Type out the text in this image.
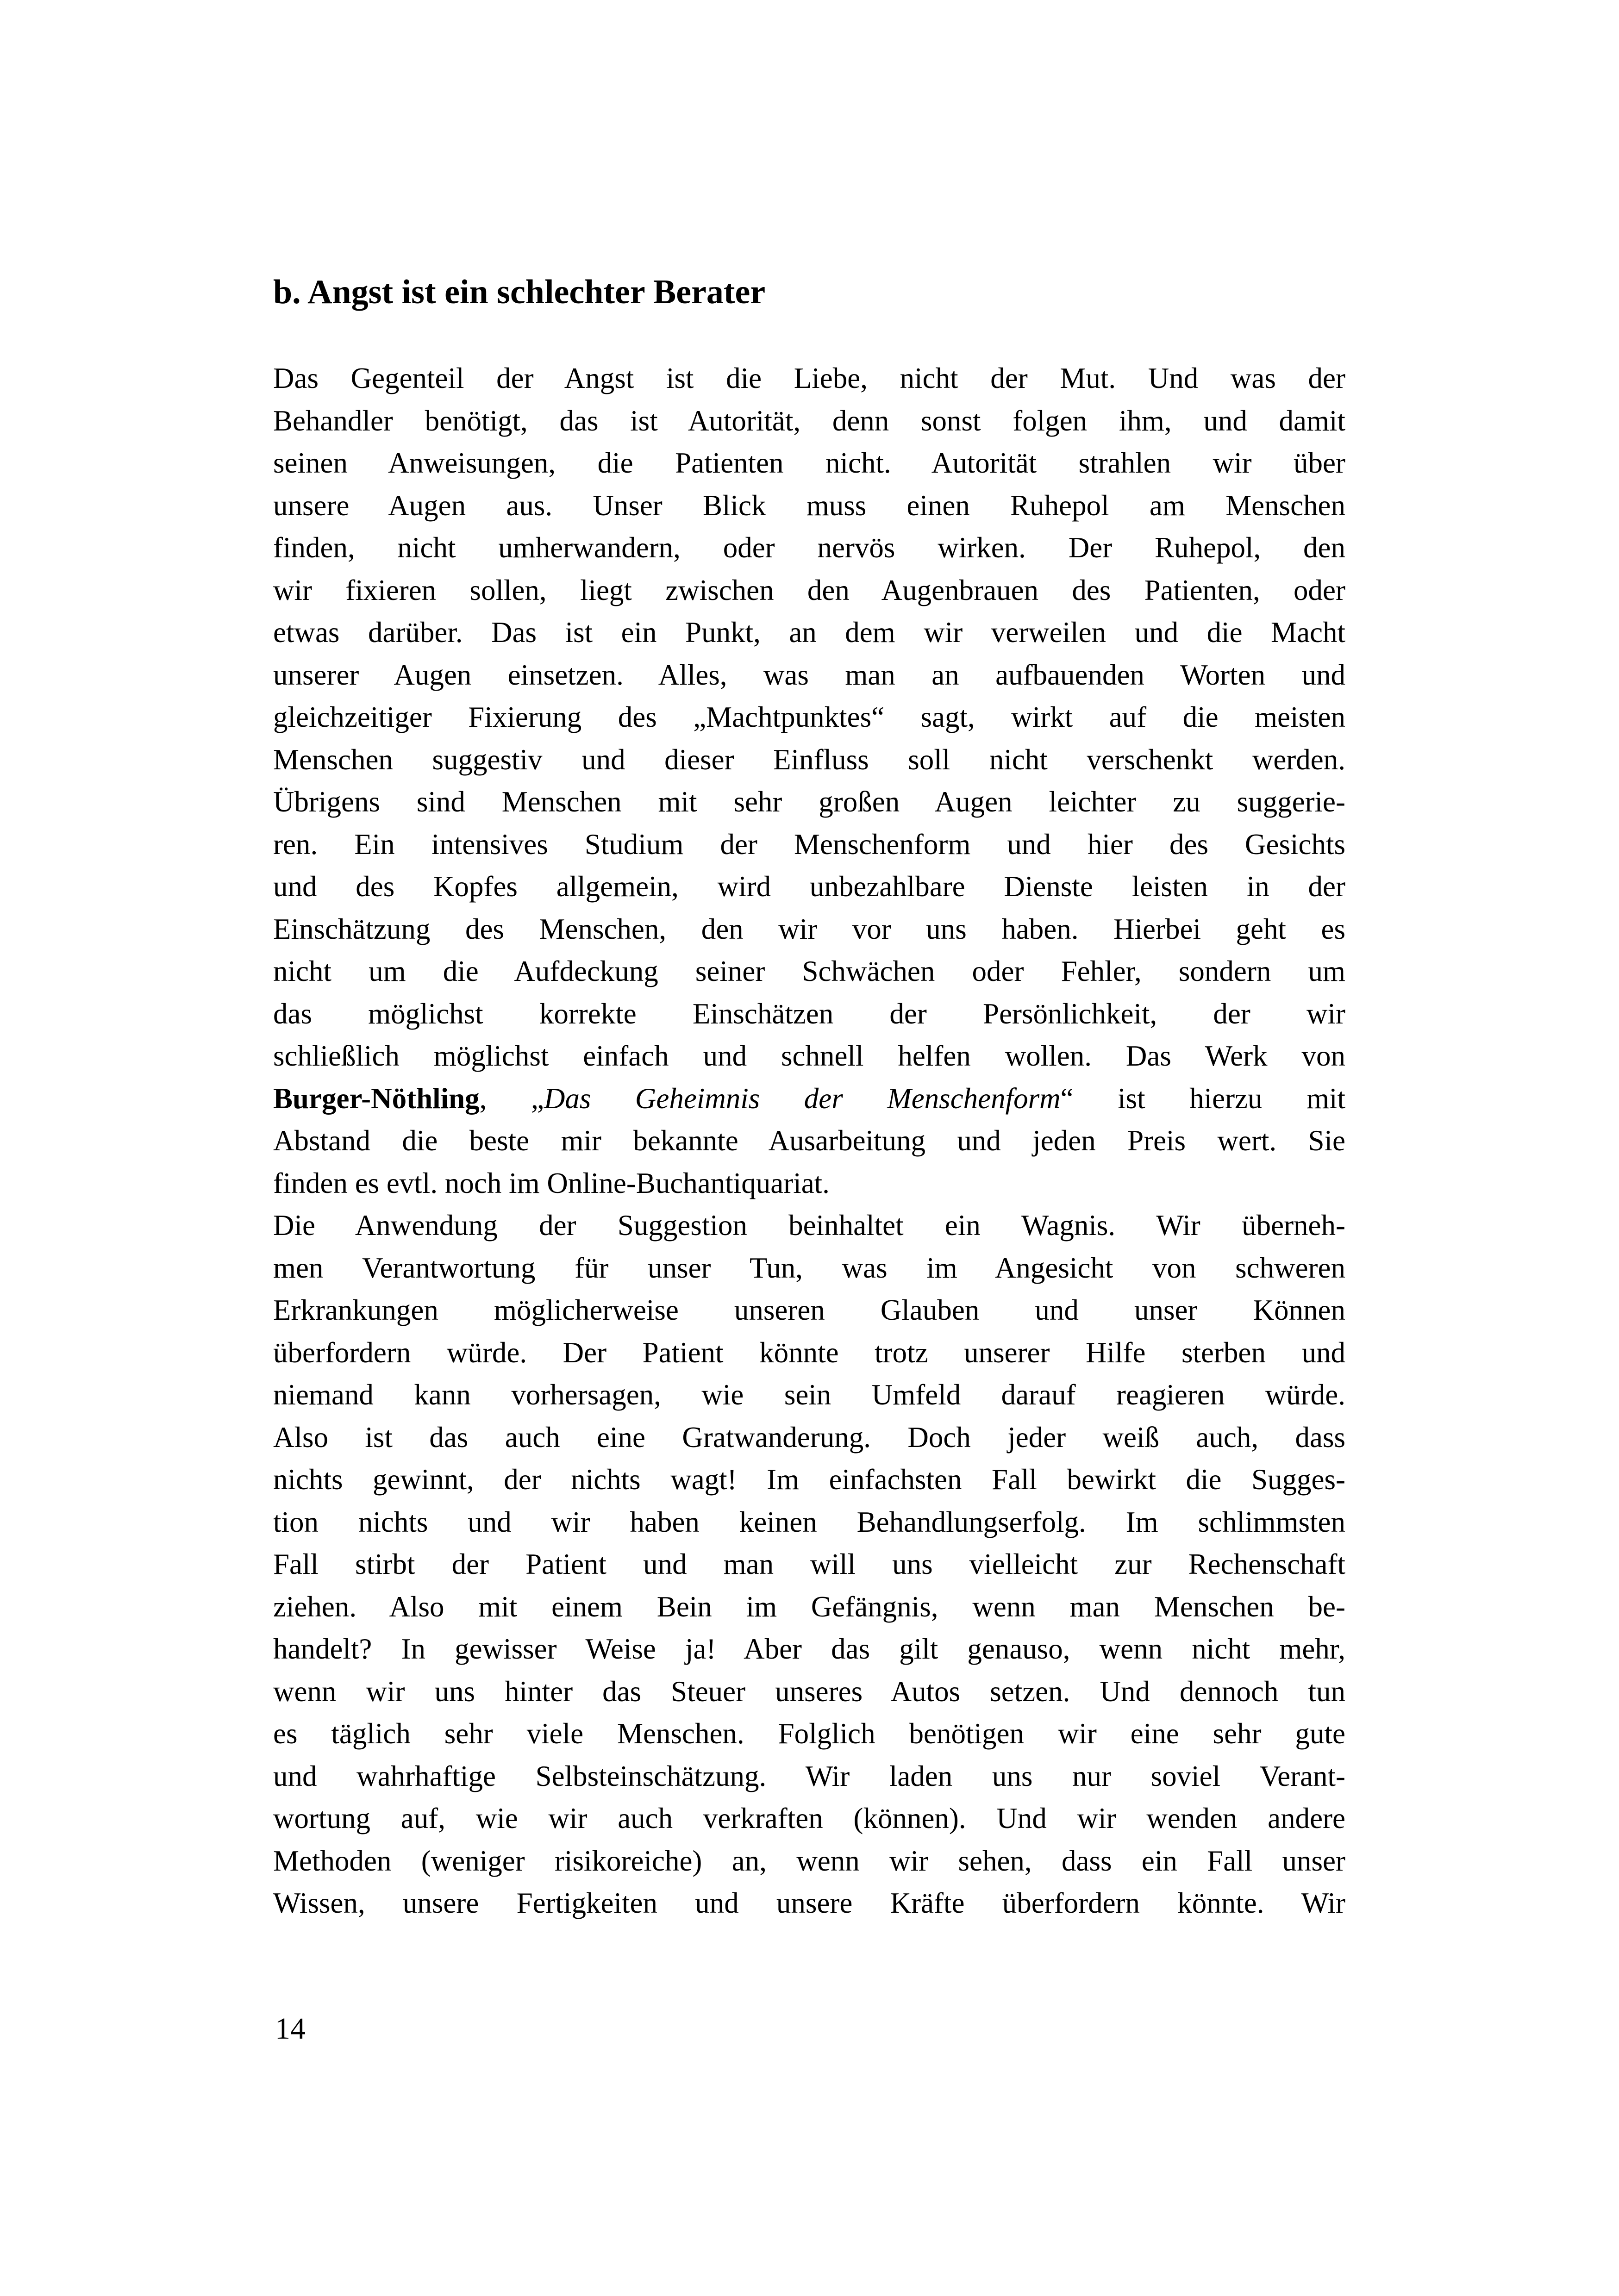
b. Angst ist ein schlechter Berater
Das Gegenteil der Angst ist die Liebe, nicht der Mut. Und was der
Behandler benötigt, das ist Autorität, denn sonst folgen ihm, und damit
seinen Anweisungen, die Patienten nicht. Autorität strahlen wir über
unsere Augen aus. Unser Blick muss einen Ruhepol am Menschen
finden, nicht umherwandern, oder nervös wirken. Der Ruhepol, den
wir fixieren sollen, liegt zwischen den Augenbrauen des Patienten, oder
etwas darüber. Das ist ein Punkt, an dem wir verweilen und die Macht
unserer Augen einsetzen. Alles, was man an aufbauenden Worten und
gleichzeitiger Fixierung des „Machtpunktes“ sagt, wirkt auf die meisten
Menschen suggestiv und dieser Einfluss soll nicht verschenkt werden.
Übrigens sind Menschen mit sehr großen Augen leichter zu suggerie-
ren. Ein intensives Studium der Menschenform und hier des Gesichts
und des Kopfes allgemein, wird unbezahlbare Dienste leisten in der
Einschätzung des Menschen, den wir vor uns haben. Hierbei geht es
nicht um die Aufdeckung seiner Schwächen oder Fehler, sondern um
das möglichst korrekte Einschätzen der Persönlichkeit, der wir
schließlich möglichst einfach und schnell helfen wollen. Das Werk von
Burger-Nöthling, „Das Geheimnis der Menschenform“ ist hierzu mit
Abstand die beste mir bekannte Ausarbeitung und jeden Preis wert. Sie
finden es evtl. noch im Online-Buchantiquariat.
Die Anwendung der Suggestion beinhaltet ein Wagnis. Wir überneh-
men Verantwortung für unser Tun, was im Angesicht von schweren
Erkrankungen möglicherweise unseren Glauben und unser Können
überfordern würde. Der Patient könnte trotz unserer Hilfe sterben und
niemand kann vorhersagen, wie sein Umfeld darauf reagieren würde.
Also ist das auch eine Gratwanderung. Doch jeder weiß auch, dass
nichts gewinnt, der nichts wagt! Im einfachsten Fall bewirkt die Sugges-
tion nichts und wir haben keinen Behandlungserfolg. Im schlimmsten
Fall stirbt der Patient und man will uns vielleicht zur Rechenschaft
ziehen. Also mit einem Bein im Gefängnis, wenn man Menschen be-
handelt? In gewisser Weise ja! Aber das gilt genauso, wenn nicht mehr,
wenn wir uns hinter das Steuer unseres Autos setzen. Und dennoch tun
es täglich sehr viele Menschen. Folglich benötigen wir eine sehr gute
und wahrhaftige Selbsteinschätzung. Wir laden uns nur soviel Verant-
wortung auf, wie wir auch verkraften (können). Und wir wenden andere
Methoden (weniger risikoreiche) an, wenn wir sehen, dass ein Fall unser
Wissen, unsere Fertigkeiten und unsere Kräfte überfordern könnte. Wir
14
